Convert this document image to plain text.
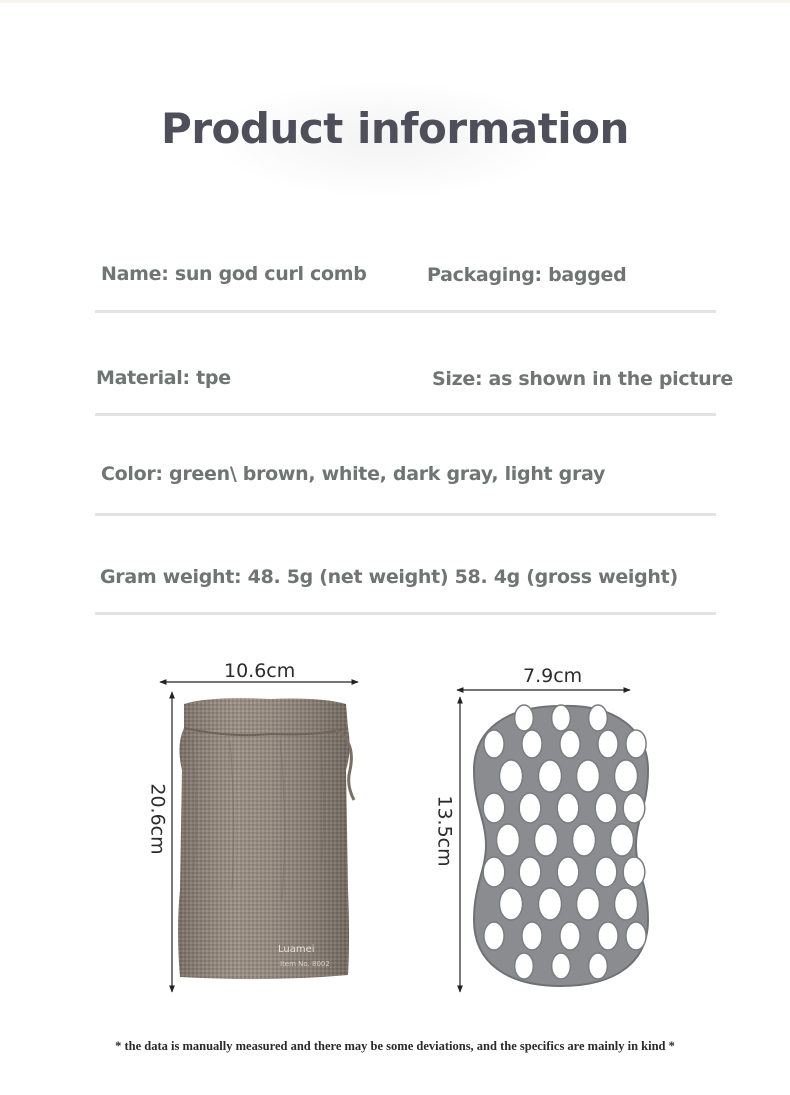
Product information
Name: sun god curl comb	Packaging: bagged
Material: tpe	Size: as shown in the picture
Color: green\ brown, white, dark gray, light gray
Gram weight: 48. 5g (net weight) 58. 4g (gross weight)
10.6cm
20.6cm
7.9cm
13.5cm
Luamei
Item No. 8002
* the data is manually measured and there may be some deviations, and the specifics are mainly in kind *
